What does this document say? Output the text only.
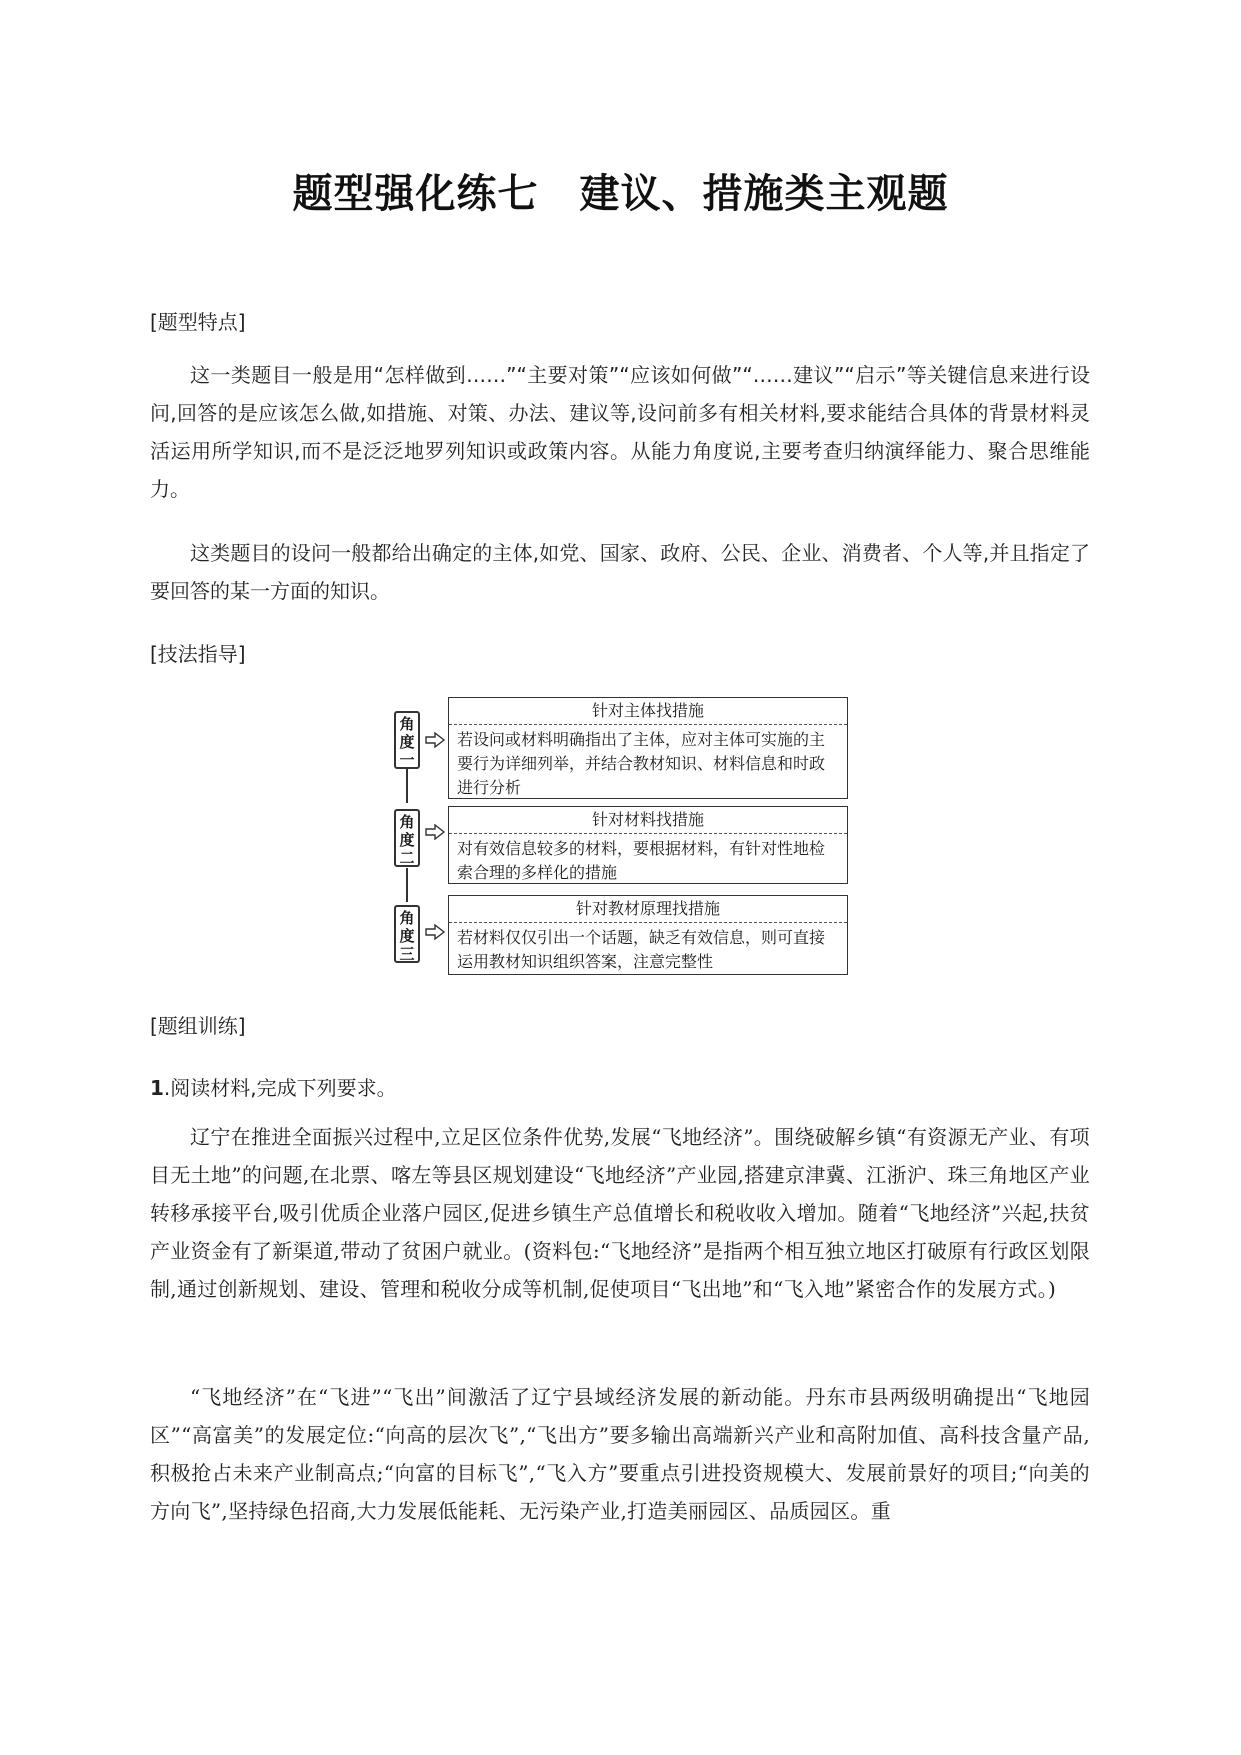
题型强化练七　建议、措施类主观题
[题型特点]
这一类题目一般是用“怎样做到……”“主要对策”“应该如何做”“……建议”“启示”等关键信息来进行设问,回答的是应该怎么做,如措施、对策、办法、建议等,设问前多有相关材料,要求能结合具体的背景材料灵活运用所学知识,而不是泛泛地罗列知识或政策内容。从能力角度说,主要考查归纳演绎能力、聚合思维能力。
这类题目的设问一般都给出确定的主体,如党、国家、政府、公民、企业、消费者、个人等,并且指定了要回答的某一方面的知识。
[技法指导]
角
度
一
针对主体找措施
若设问或材料明确指出了主体，应对主体可实施的主要行为详细列举，并结合教材知识、材料信息和时政进行分析
角
度
二
针对材料找措施
对有效信息较多的材料，要根据材料，有针对性地检索合理的多样化的措施
角
度
三
针对教材原理找措施
若材料仅仅引出一个话题，缺乏有效信息，则可直接运用教材知识组织答案，注意完整性
[题组训练]
1.阅读材料,完成下列要求。
辽宁在推进全面振兴过程中,立足区位条件优势,发展“飞地经济”。围绕破解乡镇“有资源无产业、有项目无土地”的问题,在北票、喀左等县区规划建设“飞地经济”产业园,搭建京津冀、江浙沪、珠三角地区产业转移承接平台,吸引优质企业落户园区,促进乡镇生产总值增长和税收收入增加。随着“飞地经济”兴起,扶贫产业资金有了新渠道,带动了贫困户就业。(资料包:“飞地经济”是指两个相互独立地区打破原有行政区划限制,通过创新规划、建设、管理和税收分成等机制,促使项目“飞出地”和“飞入地”紧密合作的发展方式。)
“飞地经济”在“飞进”“飞出”间激活了辽宁县域经济发展的新动能。丹东市县两级明确提出“飞地园区”“高富美”的发展定位:“向高的层次飞”,“飞出方”要多输出高端新兴产业和高附加值、高科技含量产品,积极抢占未来产业制高点;“向富的目标飞”,“飞入方”要重点引进投资规模大、发展前景好的项目;“向美的方向飞”,坚持绿色招商,大力发展低能耗、无污染产业,打造美丽园区、品质园区。重
